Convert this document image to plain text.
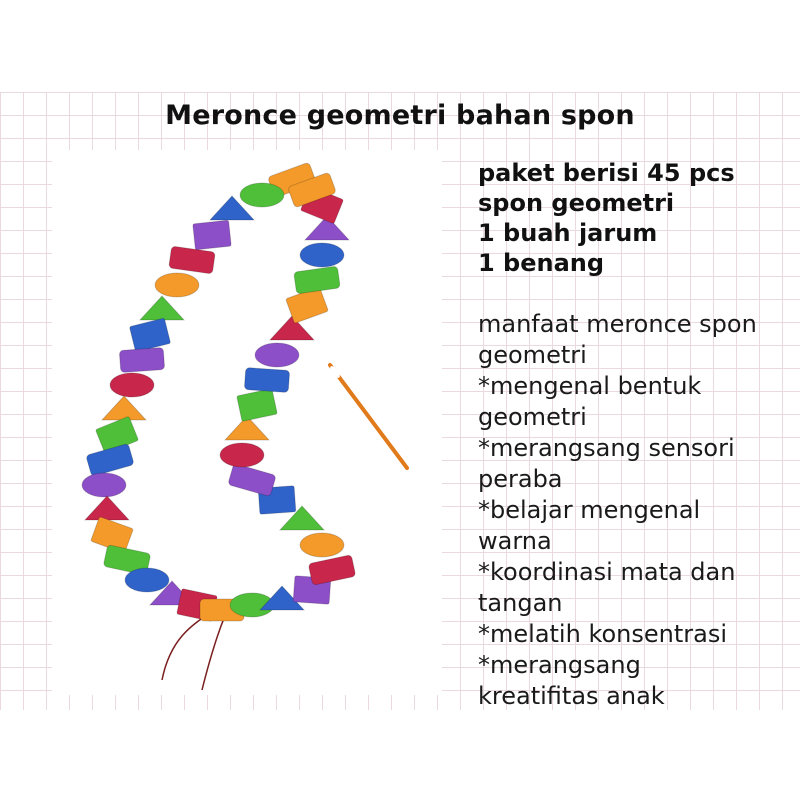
Meronce geometri bahan spon
paket berisi 45 pcs
spon geometri
1 buah jarum
1 benang
manfaat meronce spon
geometri
*mengenal bentuk
geometri
*merangsang sensori
peraba
*belajar mengenal
warna
*koordinasi mata dan
tangan
*melatih konsentrasi
*merangsang
kreatifitas anak
